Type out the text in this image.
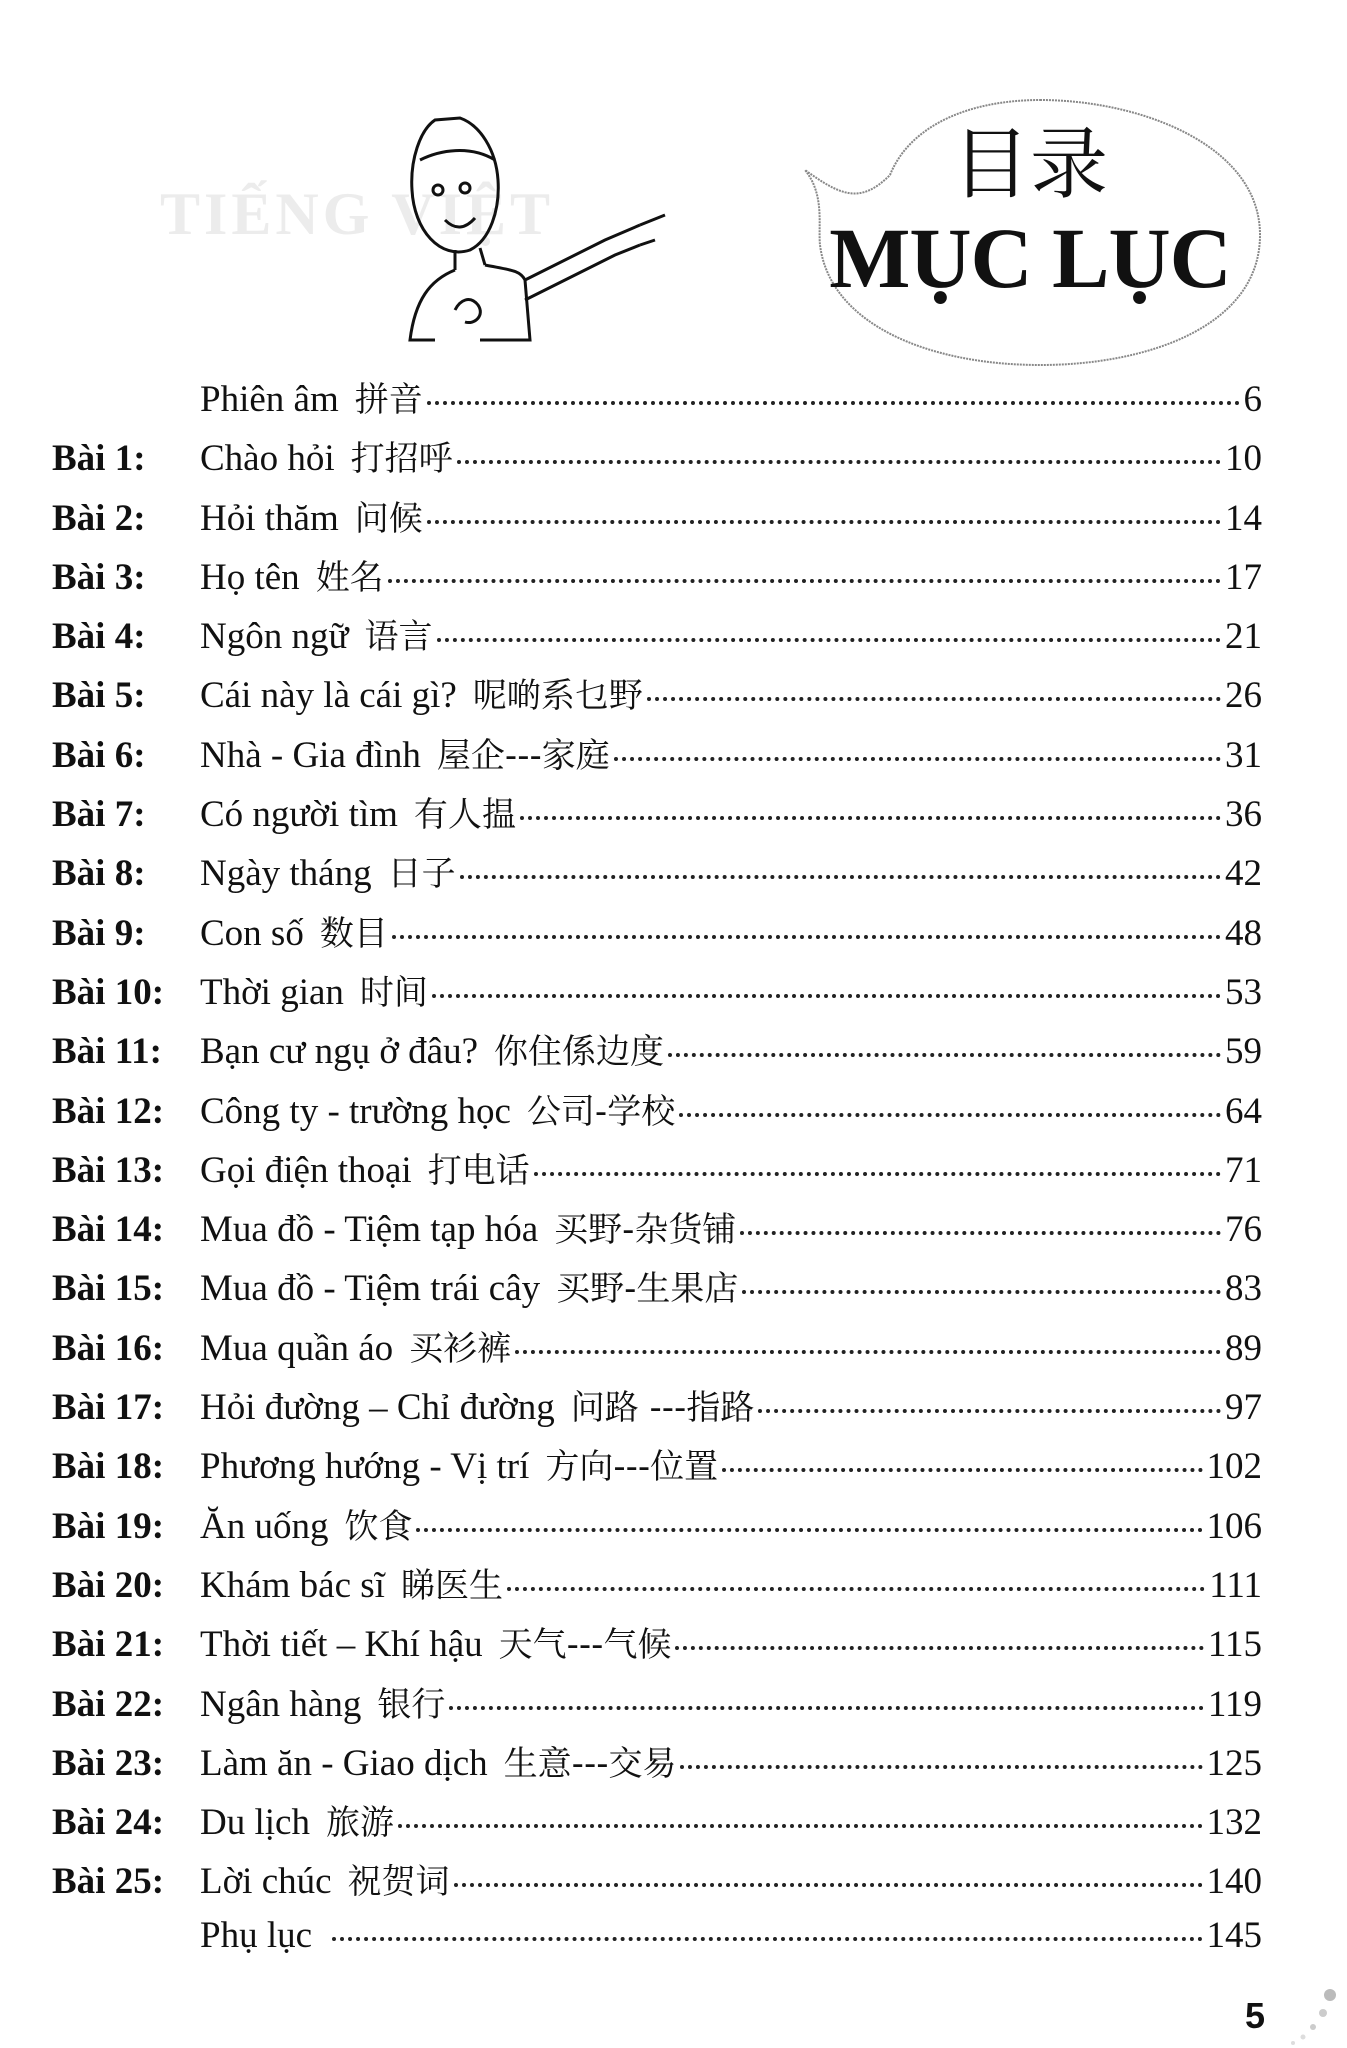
TIẾNG VIỆT
目录
MỤC LỤC
Phiên âm 拼音	6
Bài 1:	Chào hỏi 打招呼	10
Bài 2:	Hỏi thăm 问候	14
Bài 3:	Họ tên 姓名	17
Bài 4:	Ngôn ngữ 语言	21
Bài 5:	Cái này là cái gì? 呢啲系乜野	26
Bài 6:	Nhà - Gia đình 屋企---家庭	31
Bài 7:	Có người tìm 有人揾	36
Bài 8:	Ngày tháng 日子	42
Bài 9:	Con số 数目	48
Bài 10: Thời gian 时间	53
Bài 11:	Bạn cư ngụ ở đâu? 你住係边度	59
Bài 12: Công ty - trường học 公司-学校	64
Bài 13: Gọi điện thoại 打电话	71
Bài 14: Mua đồ - Tiệm tạp hóa 买野-杂货铺	76
Bài 15: Mua đồ - Tiệm trái cây 买野-生果店	83
Bài 16: Mua quần áo 买衫裤	89
Bài 17: Hỏi đường – Chỉ đường 问路 ---指路	97
Bài 18: Phương hướng - Vị trí 方向---位置	102
Bài 19: Ăn uống 饮食	106
Bài 20: Khám bác sĩ 睇医生	111
Bài 21: Thời tiết – Khí hậu 天气---气候	115
Bài 22: Ngân hàng 银行	119
Bài 23: Làm ăn - Giao dịch 生意---交易	125
Bài 24: Du lịch 旅游	132
Bài 25: Lời chúc 祝贺词	140
Phụ lục	145
5
